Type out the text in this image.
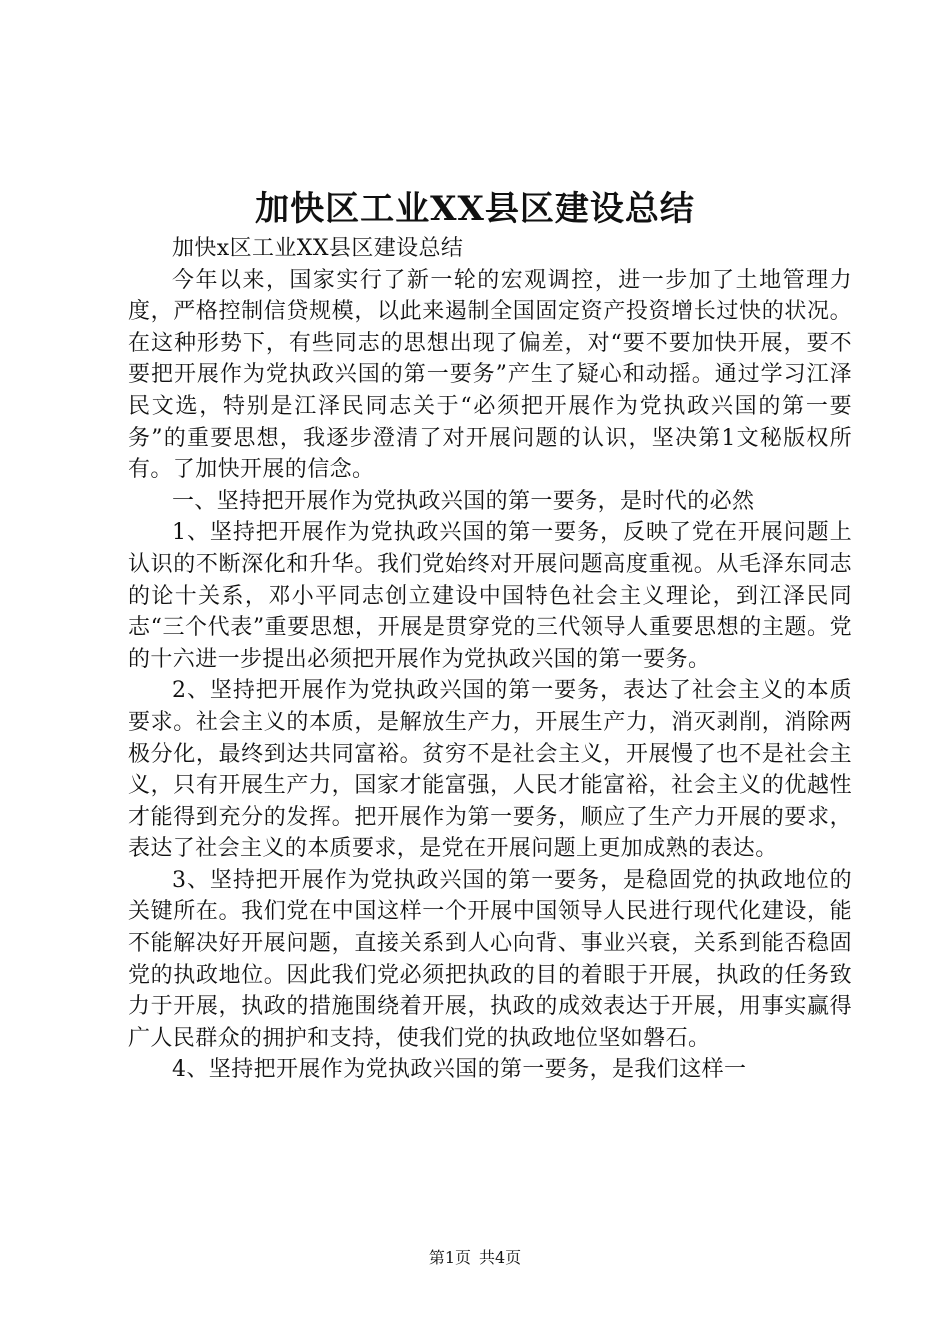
加快区工业XX县区建设总结

加快x区工业XX县区建设总结

今年以来，国家实行了新一轮的宏观调控，进一步加了土地管理力度，严格控制信贷规模，以此来遏制全国固定资产投资增长过快的状况。在这种形势下，有些同志的思想出现了偏差，对“要不要加快开展，要不要把开展作为党执政兴国的第一要务”产生了疑心和动摇。通过学习江泽民文选，特别是江泽民同志关于“必须把开展作为党执政兴国的第一要务”的重要思想，我逐步澄清了对开展问题的认识，坚决第1文秘版权所有。了加快开展的信念。

一、坚持把开展作为党执政兴国的第一要务，是时代的必然

1、坚持把开展作为党执政兴国的第一要务，反映了党在开展问题上认识的不断深化和升华。我们党始终对开展问题高度重视。从毛泽东同志的论十关系，邓小平同志创立建设中国特色社会主义理论，到江泽民同志“三个代表”重要思想，开展是贯穿党的三代领导人重要思想的主题。党的十六进一步提出必须把开展作为党执政兴国的第一要务。

2、坚持把开展作为党执政兴国的第一要务，表达了社会主义的本质要求。社会主义的本质，是解放生产力，开展生产力，消灭剥削，消除两极分化，最终到达共同富裕。贫穷不是社会主义，开展慢了也不是社会主义，只有开展生产力，国家才能富强，人民才能富裕，社会主义的优越性才能得到充分的发挥。把开展作为第一要务，顺应了生产力开展的要求，表达了社会主义的本质要求，是党在开展问题上更加成熟的表达。

3、坚持把开展作为党执政兴国的第一要务，是稳固党的执政地位的关键所在。我们党在中国这样一个开展中国领导人民进行现代化建设，能不能解决好开展问题，直接关系到人心向背、事业兴衰，关系到能否稳固党的执政地位。因此我们党必须把执政的目的着眼于开展，执政的任务致力于开展，执政的措施围绕着开展，执政的成效表达于开展，用事实赢得广人民群众的拥护和支持，使我们党的执政地位坚如磐石。

4、坚持把开展作为党执政兴国的第一要务，是我们这样一

第1页 共4页
